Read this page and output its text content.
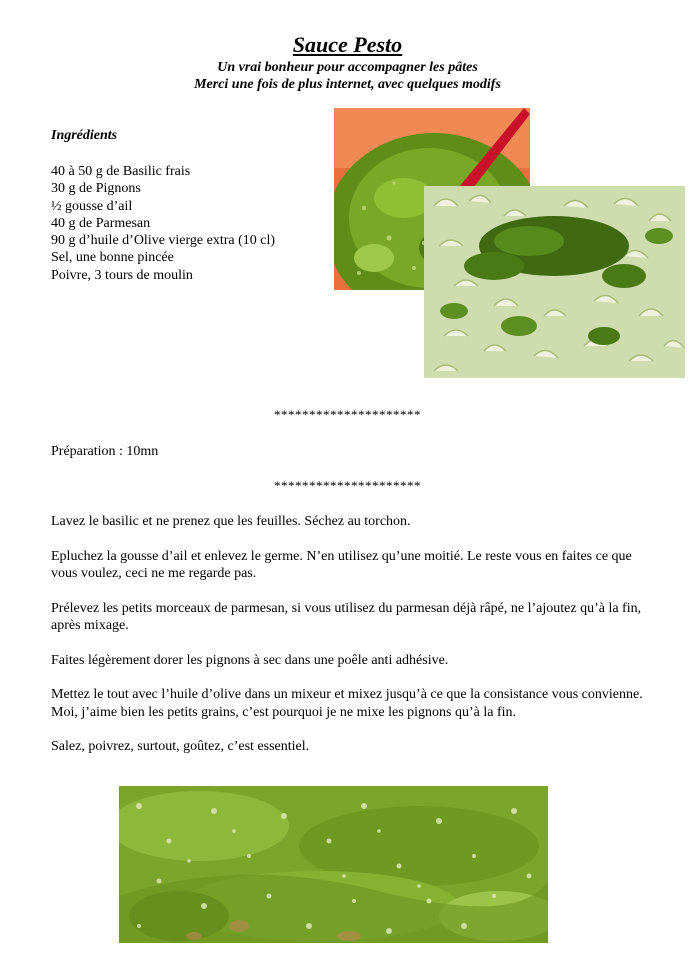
Sauce Pesto

Un vrai bonheur pour accompagner les pâtes

Merci une fois de plus internet, avec quelques modifs

Ingrédients

40 à 50 g de Basilic frais
30 g de Pignons
½ gousse d’ail
40 g de Parmesan
90 g d’huile d’Olive vierge extra (10 cl)
Sel, une bonne pincée
Poivre, 3 tours de moulin

*********************

Préparation : 10mn

*********************

Lavez le basilic et ne prenez que les feuilles. Séchez au torchon.

Epluchez la gousse d’ail et enlevez le germe. N’en utilisez qu’une moitié. Le reste vous en faites ce que vous voulez, ceci ne me regarde pas.

Prélevez les petits morceaux de parmesan, si vous utilisez du parmesan déjà râpé, ne l’ajoutez qu’à la fin, après mixage.

Faites légèrement dorer les pignons à sec dans une poêle anti adhésive.

Mettez le tout avec l’huile d’olive dans un mixeur et mixez jusqu’à ce que la consistance vous convienne. Moi, j’aime bien les petits grains, c’est pourquoi je ne mixe les pignons qu’à la fin.

Salez, poivrez, surtout, goûtez, c’est essentiel.
